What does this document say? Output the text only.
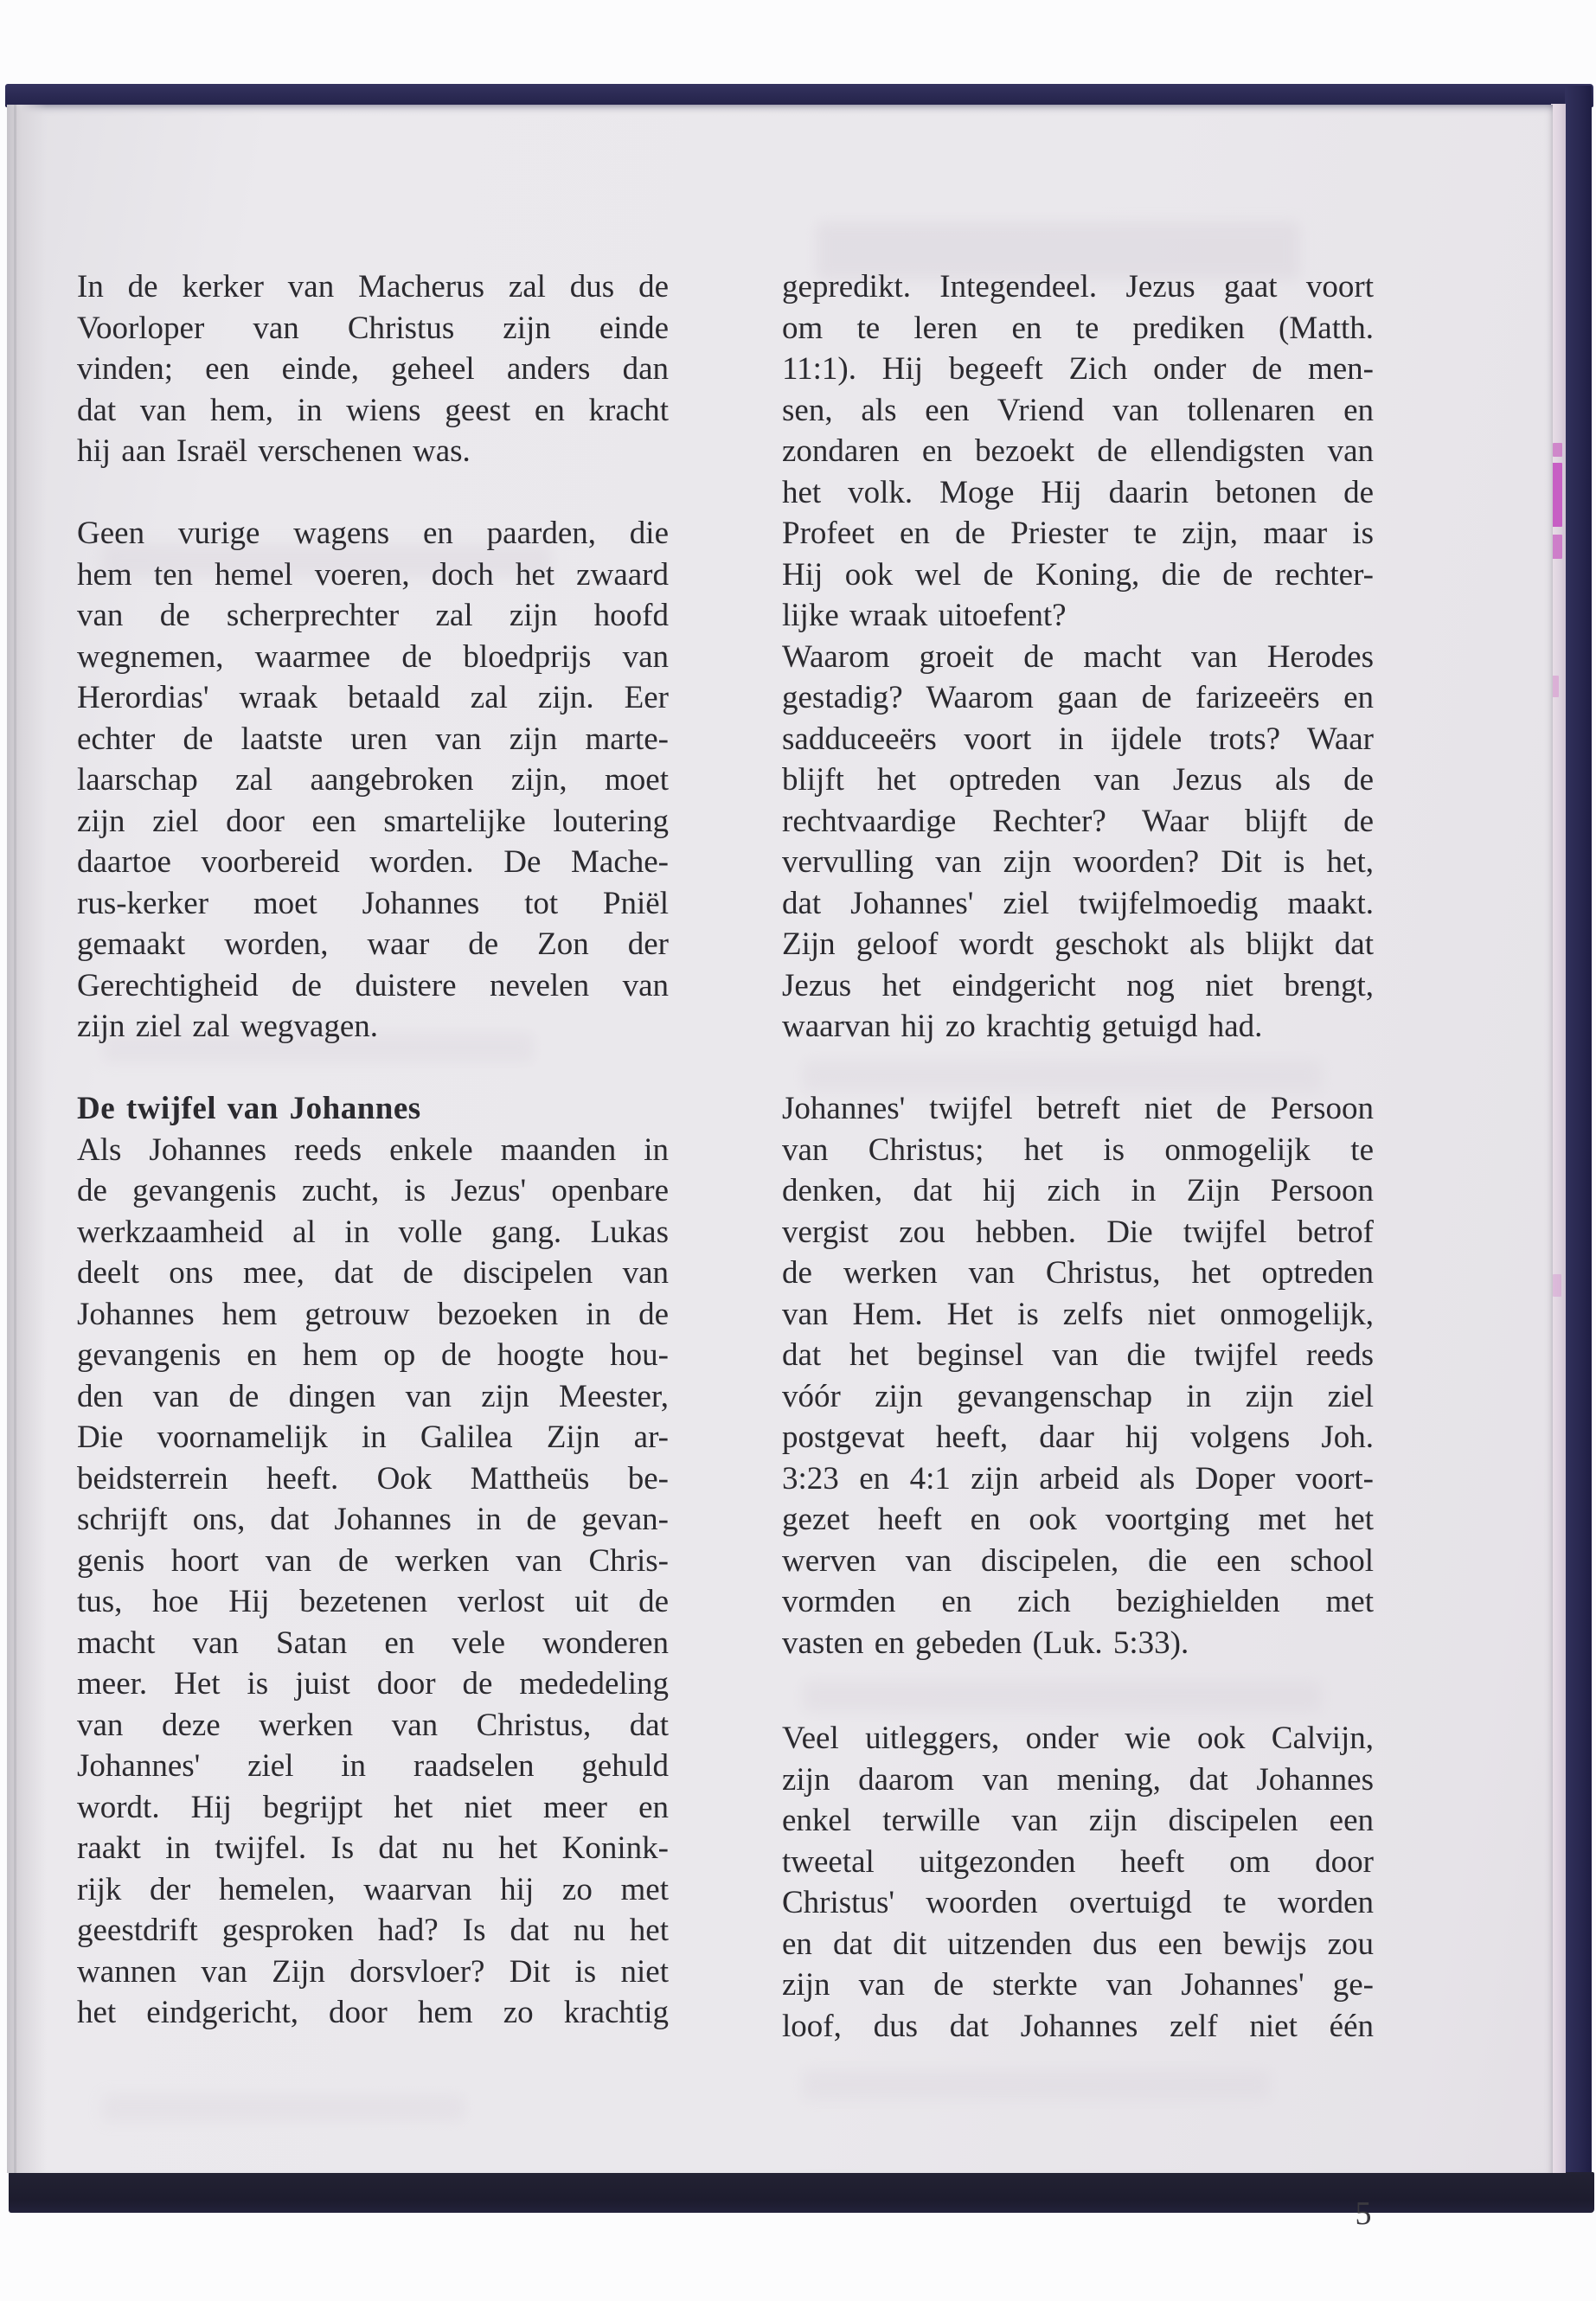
In de kerker van Macherus zal dus de
Voorloper van Christus zijn einde
vinden; een einde, geheel anders dan
dat van hem, in wiens geest en kracht
hij aan Israël verschenen was.
Geen vurige wagens en paarden, die
hem ten hemel voeren, doch het zwaard
van de scherprechter zal zijn hoofd
wegnemen, waarmee de bloedprijs van
Herordias' wraak betaald zal zijn. Eer
echter de laatste uren van zijn marte-
laarschap zal aangebroken zijn, moet
zijn ziel door een smartelijke loutering
daartoe voorbereid worden. De Mache-
rus-kerker moet Johannes tot Pniël
gemaakt worden, waar de Zon der
Gerechtigheid de duistere nevelen van
zijn ziel zal wegvagen.
De twijfel van Johannes
Als Johannes reeds enkele maanden in
de gevangenis zucht, is Jezus' openbare
werkzaamheid al in volle gang. Lukas
deelt ons mee, dat de discipelen van
Johannes hem getrouw bezoeken in de
gevangenis en hem op de hoogte hou-
den van de dingen van zijn Meester,
Die voornamelijk in Galilea Zijn ar-
beidsterrein heeft. Ook Mattheüs be-
schrijft ons, dat Johannes in de gevan-
genis hoort van de werken van Chris-
tus, hoe Hij bezetenen verlost uit de
macht van Satan en vele wonderen
meer. Het is juist door de mededeling
van deze werken van Christus, dat
Johannes' ziel in raadselen gehuld
wordt. Hij begrijpt het niet meer en
raakt in twijfel. Is dat nu het Konink-
rijk der hemelen, waarvan hij zo met
geestdrift gesproken had? Is dat nu het
wannen van Zijn dorsvloer? Dit is niet
het eindgericht, door hem zo krachtig
gepredikt. Integendeel. Jezus gaat voort
om te leren en te prediken (Matth.
11:1). Hij begeeft Zich onder de men-
sen, als een Vriend van tollenaren en
zondaren en bezoekt de ellendigsten van
het volk. Moge Hij daarin betonen de
Profeet en de Priester te zijn, maar is
Hij ook wel de Koning, die de rechter-
lijke wraak uitoefent?
Waarom groeit de macht van Herodes
gestadig? Waarom gaan de farizeeërs en
sadduceeërs voort in ijdele trots? Waar
blijft het optreden van Jezus als de
rechtvaardige Rechter? Waar blijft de
vervulling van zijn woorden? Dit is het,
dat Johannes' ziel twijfelmoedig maakt.
Zijn geloof wordt geschokt als blijkt dat
Jezus het eindgericht nog niet brengt,
waarvan hij zo krachtig getuigd had.
Johannes' twijfel betreft niet de Persoon
van Christus; het is onmogelijk te
denken, dat hij zich in Zijn Persoon
vergist zou hebben. Die twijfel betrof
de werken van Christus, het optreden
van Hem. Het is zelfs niet onmogelijk,
dat het beginsel van die twijfel reeds
vóór zijn gevangenschap in zijn ziel
postgevat heeft, daar hij volgens Joh.
3:23 en 4:1 zijn arbeid als Doper voort-
gezet heeft en ook voortging met het
werven van discipelen, die een school
vormden en zich bezighielden met
vasten en gebeden (Luk. 5:33).
Veel uitleggers, onder wie ook Calvijn,
zijn daarom van mening, dat Johannes
enkel terwille van zijn discipelen een
tweetal uitgezonden heeft om door
Christus' woorden overtuigd te worden
en dat dit uitzenden dus een bewijs zou
zijn van de sterkte van Johannes' ge-
loof, dus dat Johannes zelf niet één
5
